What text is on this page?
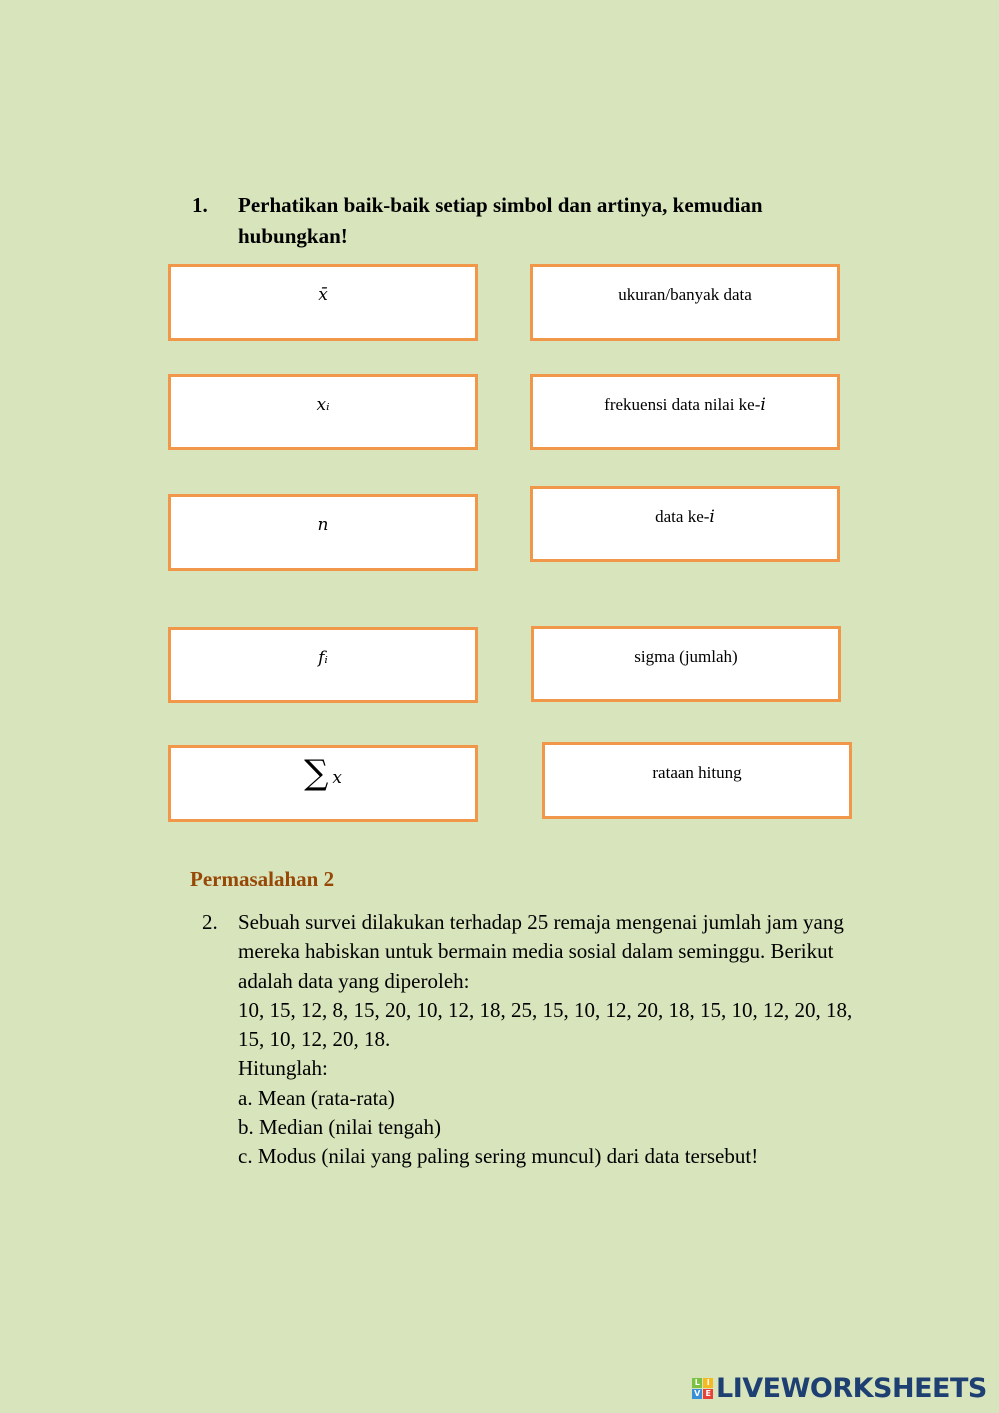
1. Perhatikan baik-baik setiap simbol dan artinya, kemudian hubungkan!
x̄
xᵢ
n
fᵢ
∑ x
ukuran/banyak data
frekuensi data nilai ke- i
data ke- i
sigma (jumlah)
rataan hitung
Permasalahan 2
2. Sebuah survei dilakukan terhadap 25 remaja mengenai jumlah jam yang mereka habiskan untuk bermain media sosial dalam seminggu. Berikut adalah data yang diperoleh:
10, 15, 12, 8, 15, 20, 10, 12, 18, 25, 15, 10, 12, 20, 18, 15, 10, 12, 20, 18, 15, 10, 12, 20, 18.
Hitunglah:
a. Mean (rata-rata)
b. Median (nilai tengah)
c. Modus (nilai yang paling sering muncul) dari data tersebut!
L I
V E LIVEWORKSHEETS
